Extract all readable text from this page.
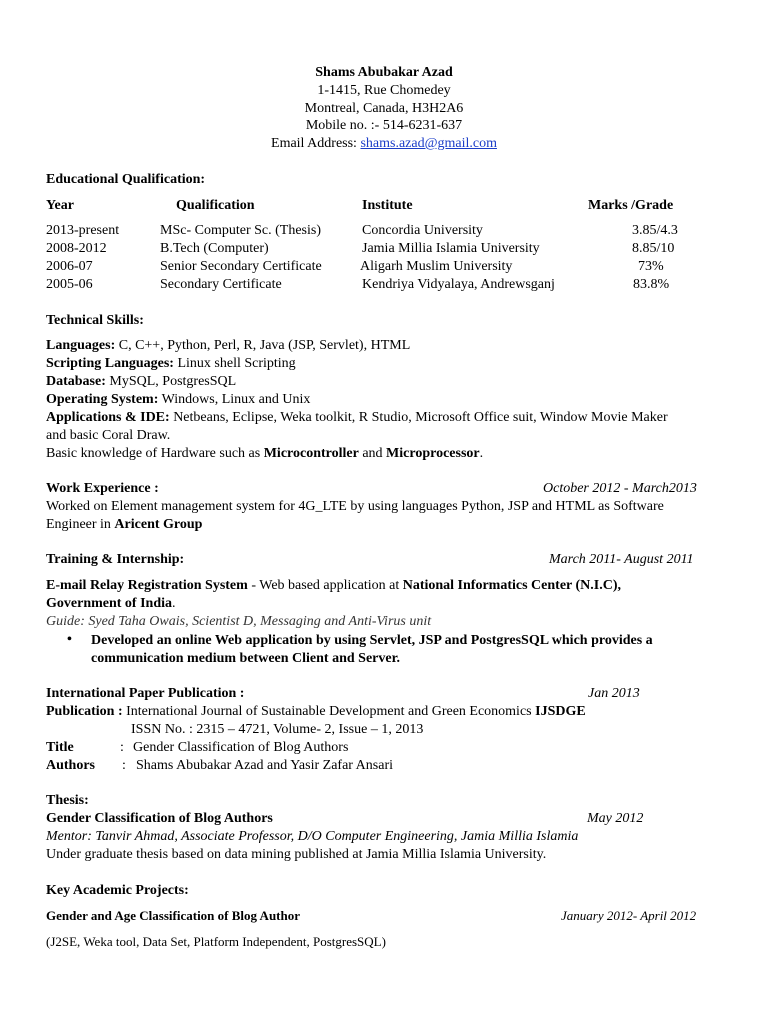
Shams Abubakar Azad
1-1415, Rue Chomedey
Montreal, Canada, H3H2A6
Mobile no. :- 514-6231-637
Email Address: shams.azad@gmail.com
Educational Qualification:
Year	Qualification	Institute	Marks /Grade
2013-present	MSc- Computer Sc. (Thesis)	Concordia University	3.85/4.3
2008-2012	B.Tech (Computer)	Jamia Millia Islamia University	8.85/10
2006-07	Senior Secondary Certificate	Aligarh Muslim University	73%
2005-06	Secondary Certificate	Kendriya Vidyalaya, Andrewsganj	83.8%
Technical Skills:
Languages: C, C++, Python, Perl, R, Java (JSP, Servlet), HTML
Scripting Languages: Linux shell Scripting
Database: MySQL, PostgresSQL
Operating System: Windows, Linux and Unix
Applications & IDE: Netbeans, Eclipse, Weka toolkit, R Studio, Microsoft Office suit, Window Movie Maker
and basic Coral Draw.
Basic knowledge of Hardware such as Microcontroller and Microprocessor.
Work Experience :	October 2012 - March2013
Worked on Element management system for 4G_LTE by using languages Python, JSP and HTML as Software
Engineer in Aricent Group
Training & Internship:	March 2011- August 2011
E-mail Relay Registration System - Web based application at National Informatics Center (N.I.C),
Government of India.
Guide: Syed Taha Owais, Scientist D, Messaging and Anti-Virus unit
• Developed an online Web application by using Servlet, JSP and PostgresSQL which provides a
communication medium between Client and Server.
International Paper Publication :	Jan 2013
Publication : International Journal of Sustainable Development and Green Economics IJSDGE
ISSN No. : 2315 – 4721, Volume- 2, Issue – 1, 2013
Title	: Gender Classification of Blog Authors
Authors : Shams Abubakar Azad and Yasir Zafar Ansari
Thesis:
Gender Classification of Blog Authors	May 2012
Mentor: Tanvir Ahmad, Associate Professor, D/O Computer Engineering, Jamia Millia Islamia
Under graduate thesis based on data mining published at Jamia Millia Islamia University.
Key Academic Projects:
Gender and Age Classification of Blog Author	January 2012- April 2012
(J2SE, Weka tool, Data Set, Platform Independent, PostgresSQL)
